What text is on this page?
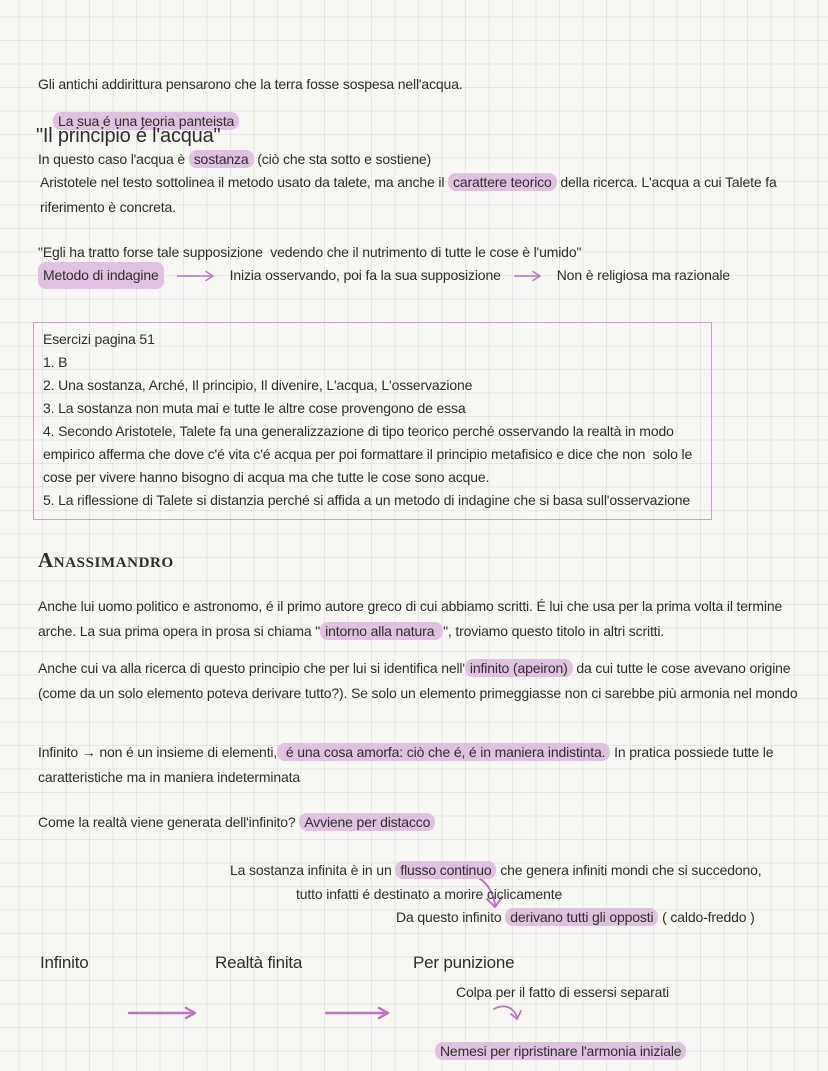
Gli antichi addirittura pensarono che la terra fosse sospesa nell'acqua.

In questo caso l'acqua è sostanza (ciò che sta sotto e sostiene)

La sua é una teoria panteista

"Il principio é l'acqua"
Aristotele nel testo sottolinea il metodo usato da talete, ma anche il carattere teorico della ricerca. L'acqua a cui Talete fa riferimento è concreta.
"Egli ha tratto forse tale supposizione  vedendo che il nutrimento di tutte le cose è l'umido"
Metodo di indagine	Inizia osservando, poi fa la sua supposizione	Non è religiosa ma razionale
Esercizi pagina 51
1. B
2. Una sostanza, Arché, Il principio, Il divenire, L'acqua, L'osservazione
3. La sostanza non muta mai e tutte le altre cose provengono de essa
4. Secondo Aristotele, Talete fa una generalizzazione di tipo teorico perché osservando la realtà in modo empirico afferma che dove c'é vita c'é acqua per poi formattare il principio metafisico e dice che non  solo le cose per vivere hanno bisogno di acqua ma che tutte le cose sono acque.
5. La riflessione di Talete si distanzia perché si affida a un metodo di indagine che si basa sull'osservazione
Anassimandro
Anche lui uomo politico e astronomo, é il primo autore greco di cui abbiamo scritti. É lui che usa per la prima volta il termine arche. La sua prima opera in prosa si chiama " intorno alla natura ", troviamo questo titolo in altri scritti.
Anche cui va alla ricerca di questo principio che per lui si identifica nell' infinito (apeiron) da cui tutte le cose avevano origine (come da un solo elemento poteva derivare tutto?). Se solo un elemento primeggiasse non ci sarebbe più armonia nel mondo
Infinito → non é un insieme di elementi, é una cosa amorfa: ciò che é, é in maniera indistinta. In pratica possiede tutte le caratteristiche ma in maniera indeterminata
Come la realtà viene generata dell'infinito? Avviene per distacco

La sostanza infinita è in un flusso continuo che genera infiniti mondi che si succedono,
tutto infatti é destinato a morire ciclicamente
Da questo infinito derivano tutti gli opposti ( caldo-freddo )
Infinito

	Realtà finita

	Per punizione

Colpa per il fatto di essersi separati

Nemesi per ripristinare l'armonia iniziale
